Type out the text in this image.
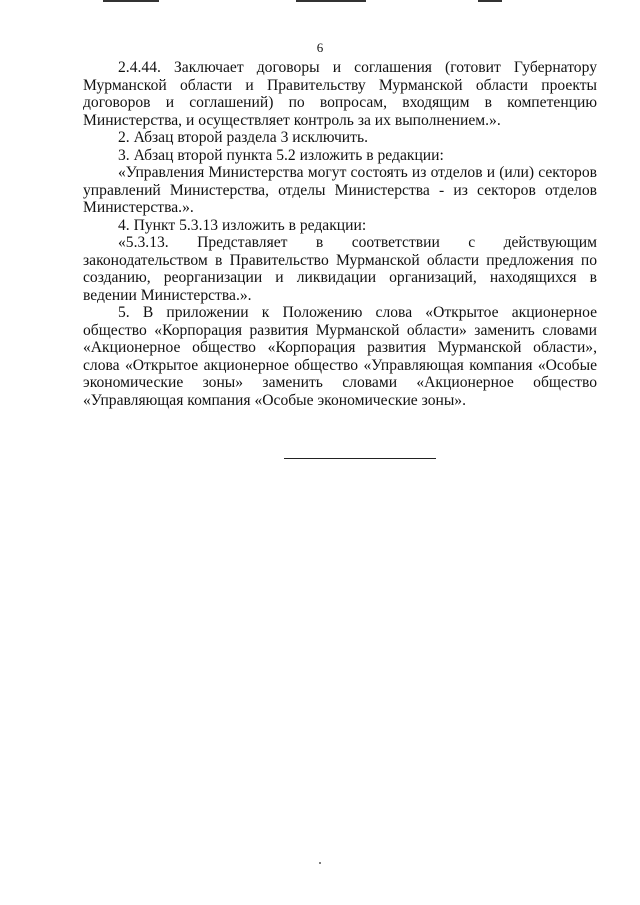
6

2.4.44. Заключает договоры и соглашения (готовит Губернатору Мурманской области и Правительству Мурманской области проекты договоров и соглашений) по вопросам, входящим в компетенцию Министерства, и осуществляет контроль за их выполнением.».

2. Абзац второй раздела 3 исключить.

3. Абзац второй пункта 5.2 изложить в редакции:

«Управления Министерства могут состоять из отделов и (или) секторов управлений Министерства, отделы Министерства - из секторов отделов Министерства.».

4. Пункт 5.3.13 изложить в редакции:

«5.3.13. Представляет в соответствии с действующим законодательством в Правительство Мурманской области предложения по созданию, реорганизации и ликвидации организаций, находящихся в ведении Министерства.».

5. В приложении к Положению слова «Открытое акционерное общество «Корпорация развития Мурманской области» заменить словами «Акционерное общество «Корпорация развития Мурманской области», слова «Открытое акционерное общество «Управляющая компания «Особые экономические зоны» заменить словами «Акционерное общество «Управляющая компания «Особые экономические зоны».
